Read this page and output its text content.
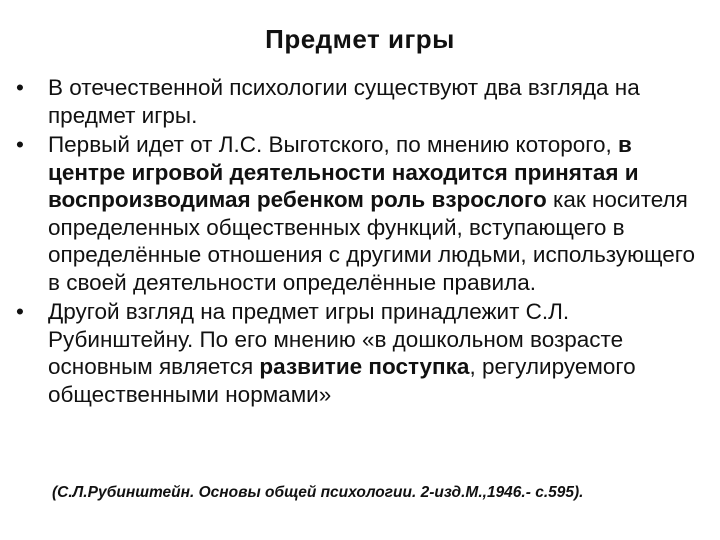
Предмет игры
•	В отечественной психологии существуют два взгляда на предмет игры.
•	Первый идет от Л.С. Выготского, по мнению которого, в центре игровой деятельности находится принятая и воспроизводимая ребенком роль взрослого как носителя определенных общественных функций, вступающего в определённые отношения с другими людьми, использующего в своей деятельности определённые правила.
•	Другой взгляд на предмет игры принадлежит С.Л. Рубинштейну. По его мнению «в дошкольном возрасте основным является развитие поступка, регулируемого общественными нормами»
(С.Л.Рубинштейн. Основы общей психологии. 2-изд.М.,1946.- с.595).
